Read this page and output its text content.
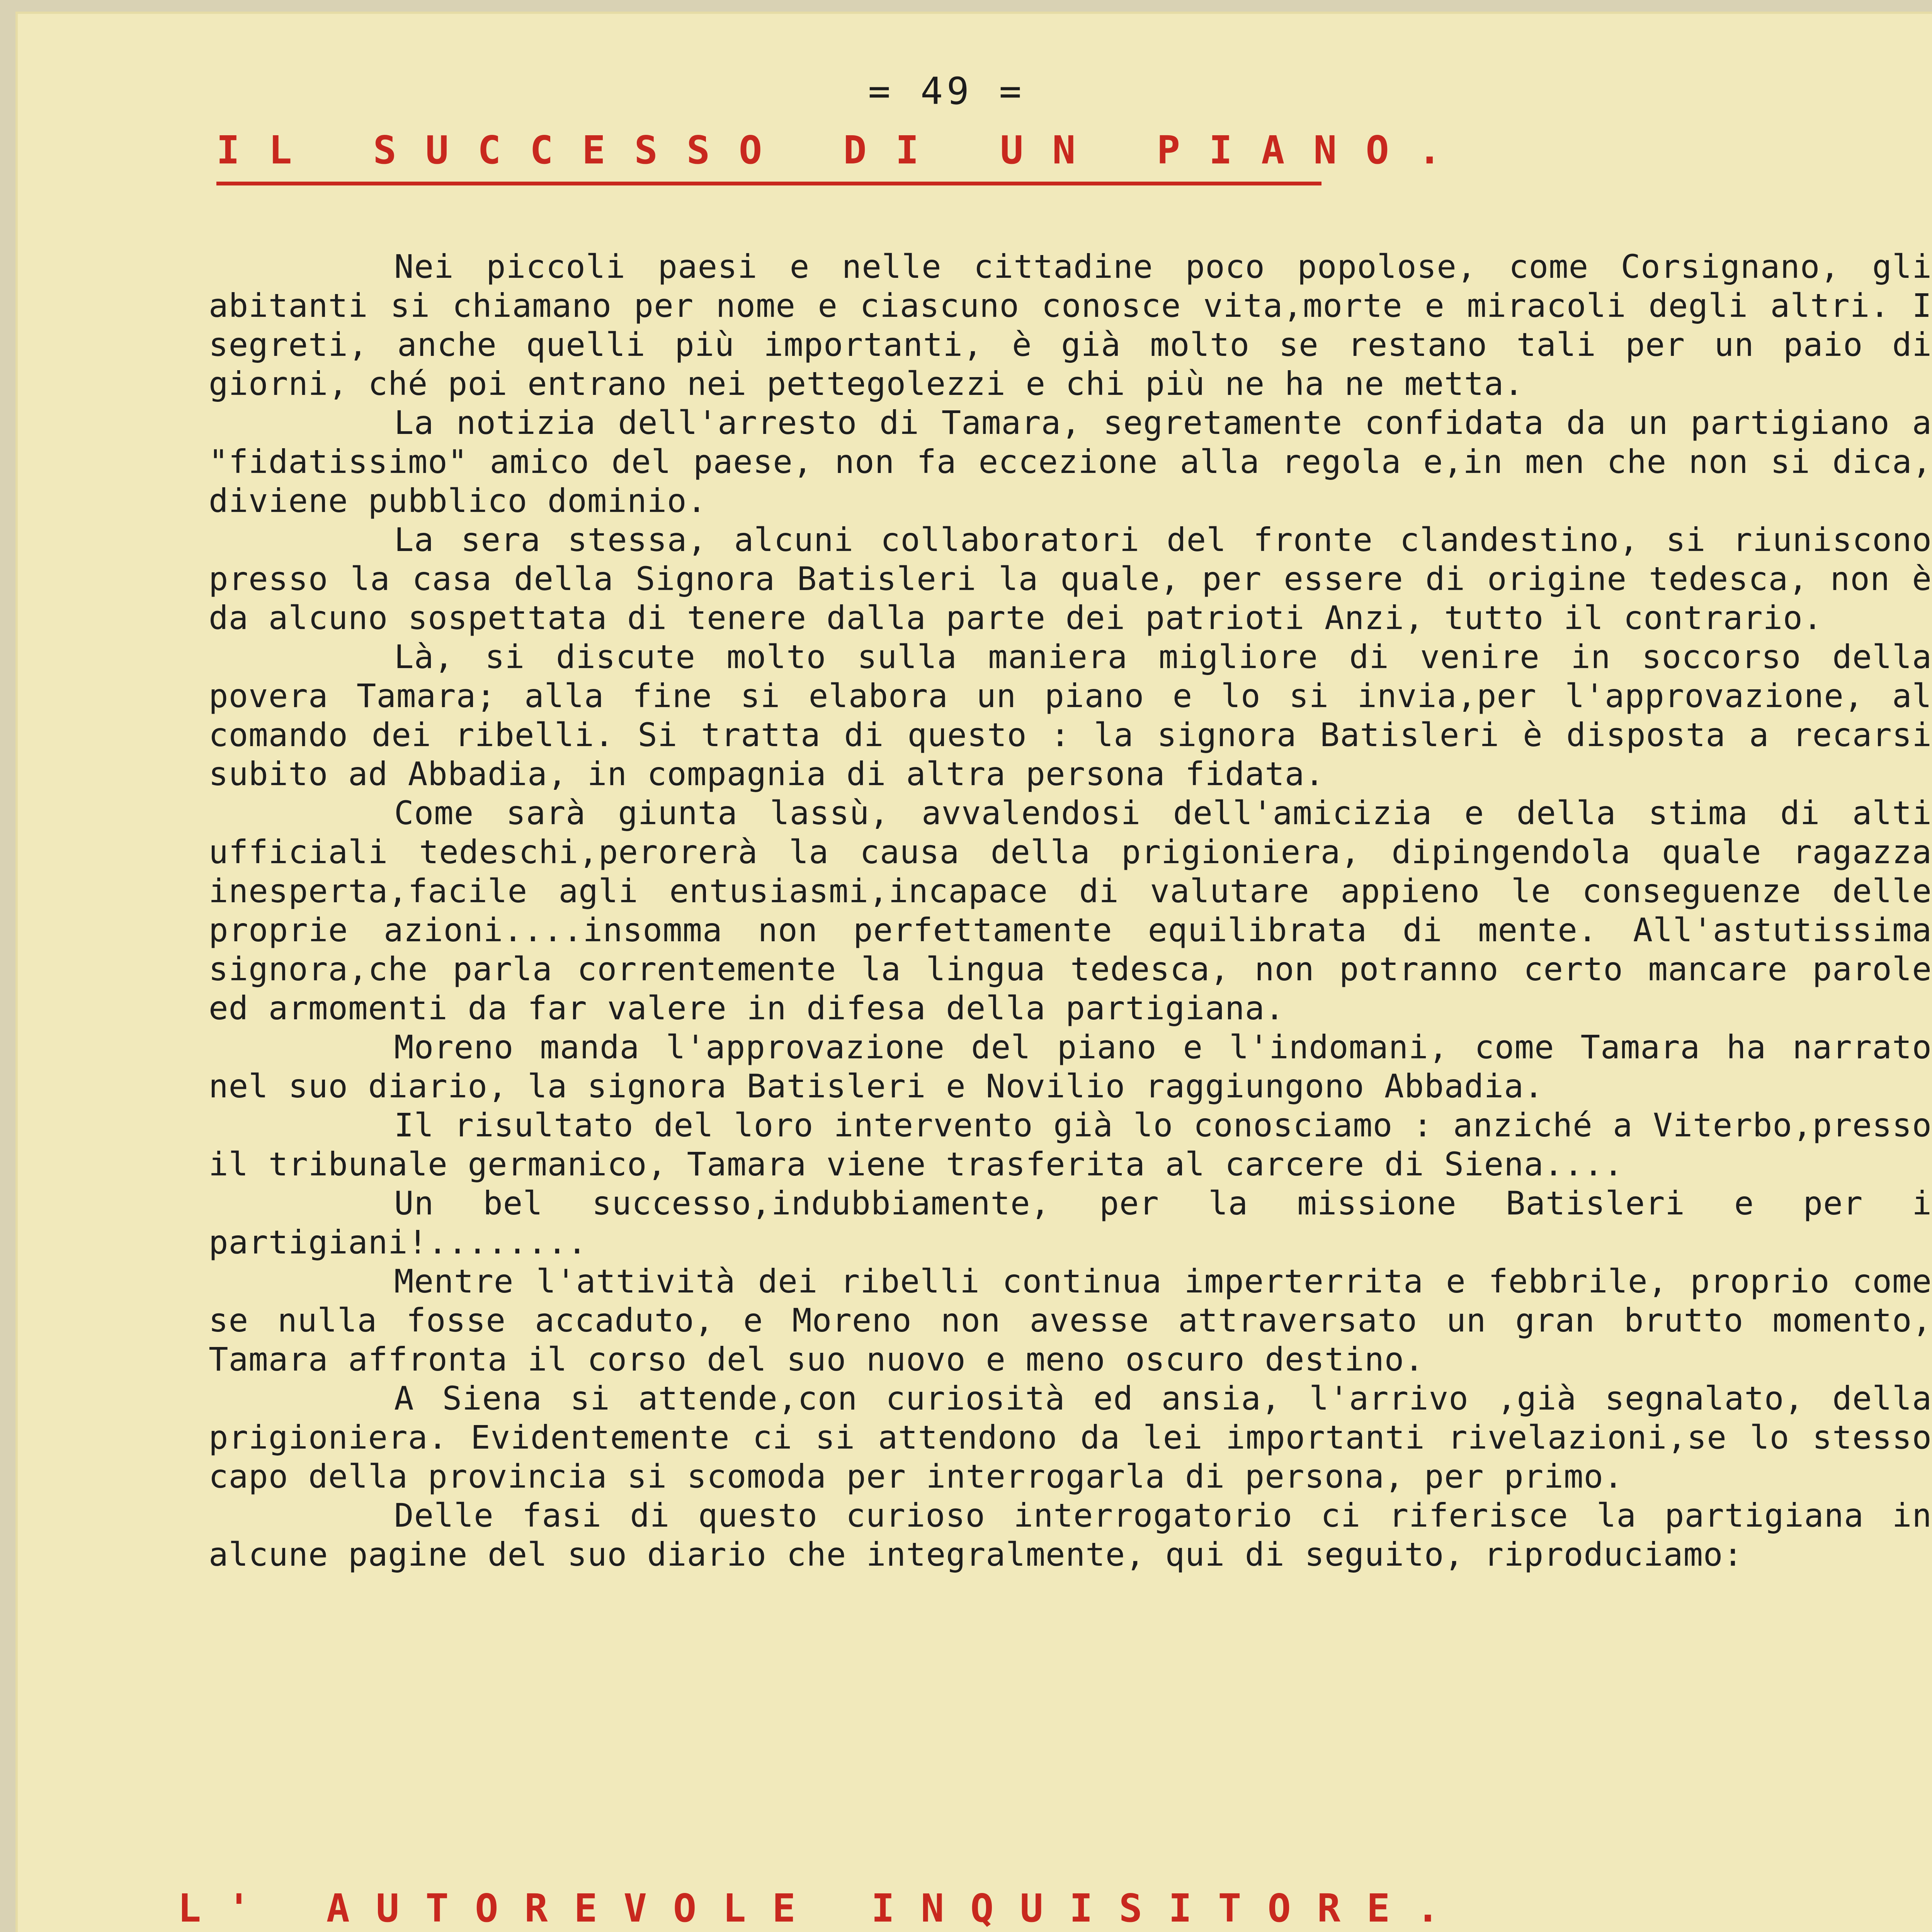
= 49 =
IL SUCCESSO DI UN PIANO.

Nei piccoli paesi e nelle cittadine poco popolose, come Corsignano, gli abitanti si chiamano per nome e ciascuno conosce vita,morte e miracoli degli altri. I segreti, anche quelli più importanti, è già molto se restano tali per un paio di giorni, ché poi entrano nei pettegolezzi e chi più ne ha ne metta.

La notizia dell'arresto di Tamara, segretamente confidata da un partigiano a "fidatissimo" amico del paese, non fa eccezione alla regola e,in men che non si dica, diviene pubblico dominio.

La sera stessa, alcuni collaboratori del fronte clandestino, si riuniscono presso la casa della Signora Batisleri la quale, per essere di origine tedesca, non è da alcuno sospettata di tenere dalla parte dei patrioti Anzi, tutto il contrario.

Là, si discute molto sulla maniera migliore di venire in soccorso della povera Tamara; alla fine si elabora un piano e lo si invia,per l'approvazione, al comando dei ribelli. Si tratta di questo : la signora Batisleri è disposta a recarsi subito ad Abbadia, in compagnia di altra persona fidata.

Come sarà giunta lassù, avvalendosi dell'amicizia e della stima di alti ufficiali tedeschi,perorerà la causa della prigioniera, dipingendola quale ragazza inesperta,facile agli entusiasmi,incapace di valutare appieno le conseguenze delle proprie azioni....insomma non perfettamente equilibrata di mente. All'astutissima signora,che parla correntemente la lingua tedesca, non potranno certo mancare parole ed armomenti da far valere in difesa della partigiana.

Moreno manda l'approvazione del piano e l'indomani, come Tamara ha narrato nel suo diario, la signora Batisleri e Novilio raggiungono Abbadia.

Il risultato del loro intervento già lo conosciamo : anziché a Viterbo,presso il tribunale germanico, Tamara viene trasferita al carcere di Siena....

Un bel successo,indubbiamente, per la missione Batisleri e per i partigiani!........

Mentre l'attività dei ribelli continua imperterrita e febbrile, proprio come se nulla fosse accaduto, e Moreno non avesse attraversato un gran brutto momento, Tamara affronta il corso del suo nuovo e meno oscuro destino.

A Siena si attende,con curiosità ed ansia, l'arrivo ,già segnalato, della prigioniera. Evidentemente ci si attendono da lei importanti rivelazioni,se lo stesso capo della provincia si scomoda per interrogarla di persona, per primo.

Delle fasi di questo curioso interrogatorio ci riferisce la partigiana in alcune pagine del suo diario che integralmente, qui di seguito, riproduciamo:

L' AUTOREVOLE INQUISITORE.
